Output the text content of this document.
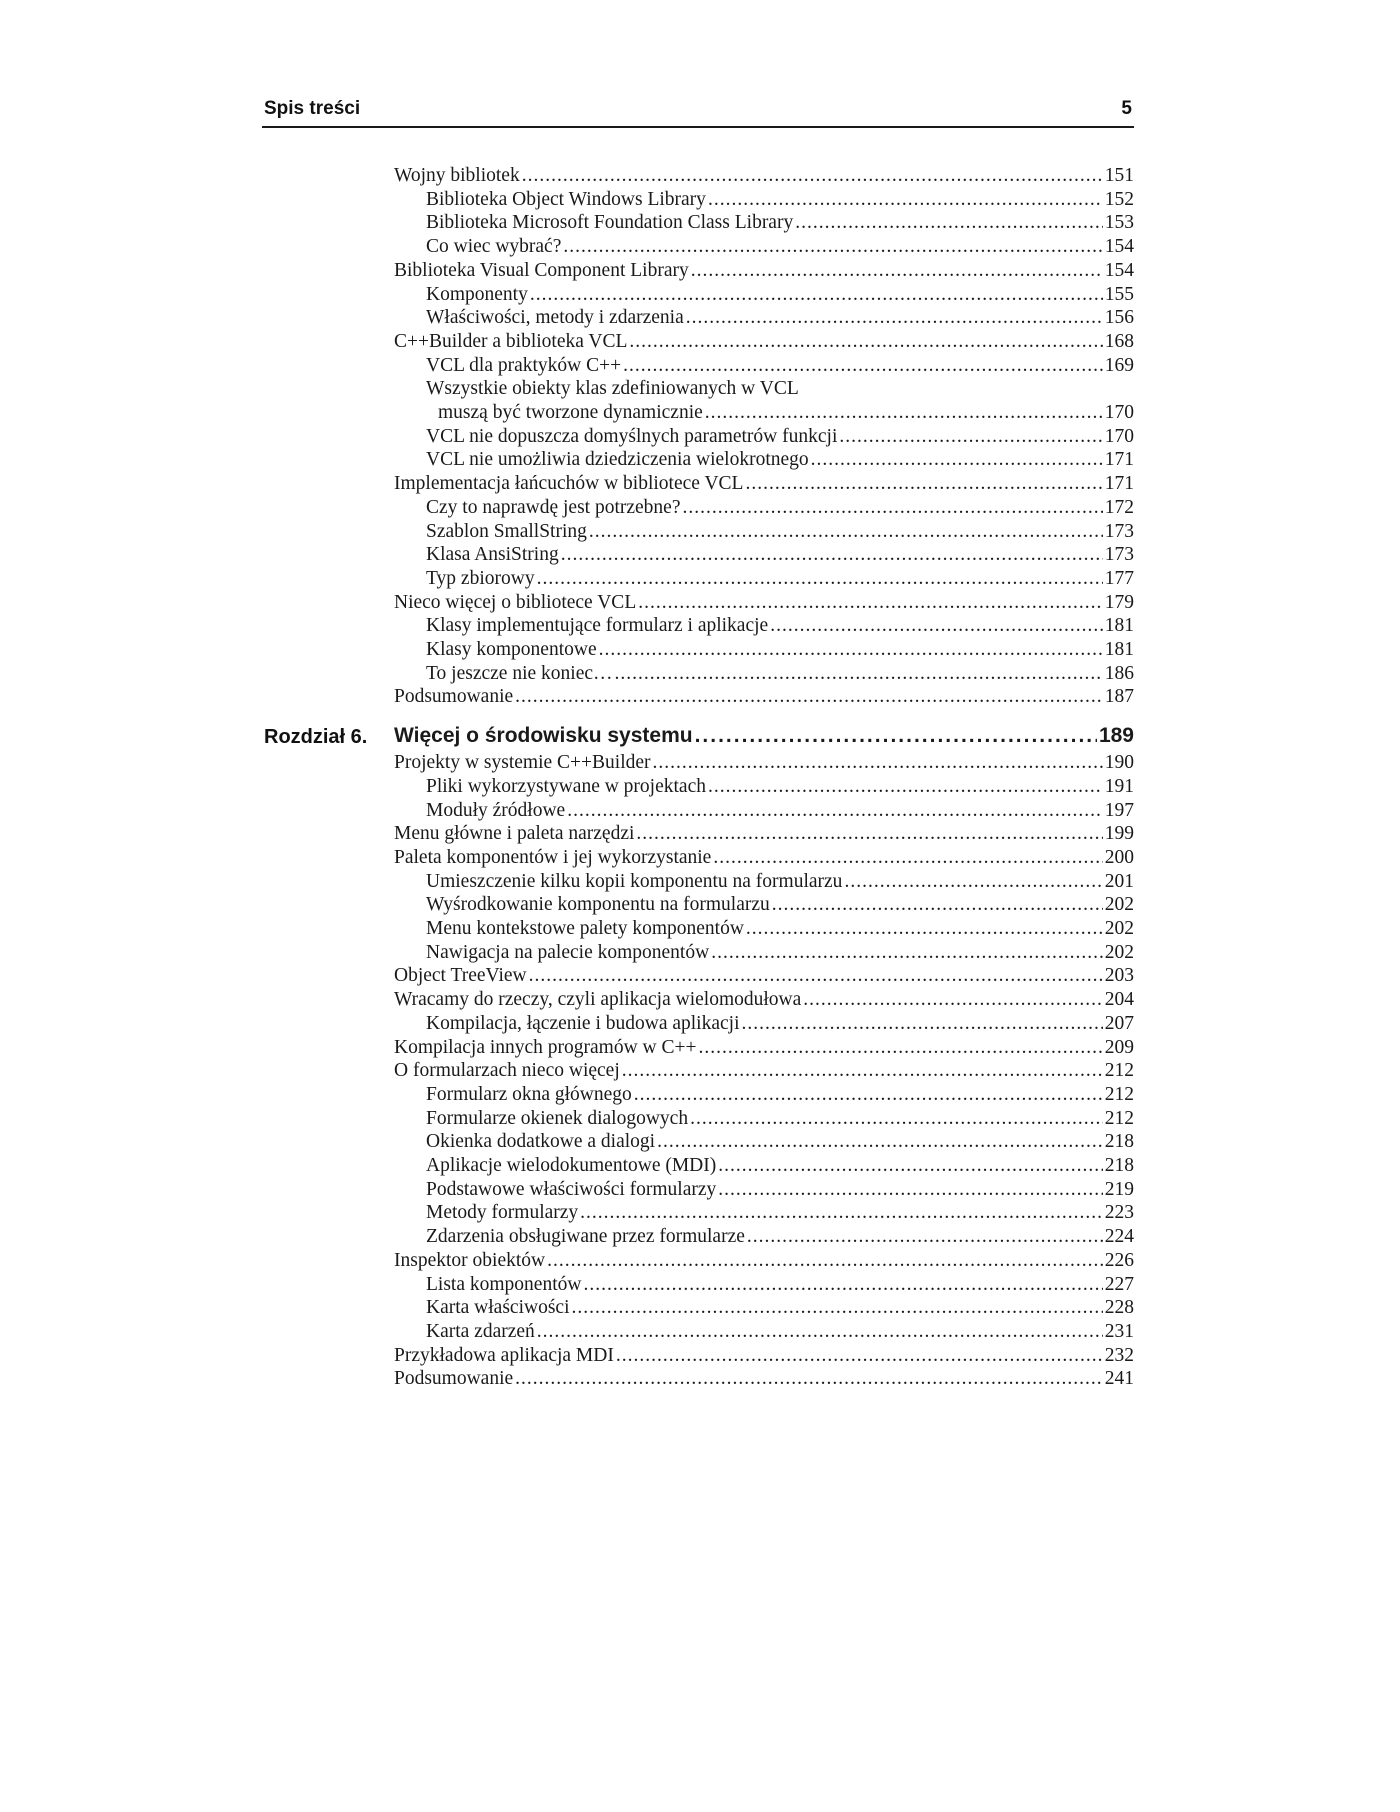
Spis treści	5
Wojny bibliotek .....	151
Biblioteka Object Windows Library .....	152
Biblioteka Microsoft Foundation Class Library .....	153
Co wiec wybrać? .....	154
Biblioteka Visual Component Library .....	154
Komponenty .....	155
Właściwości, metody i zdarzenia .....	156
C++Builder a biblioteka VCL .....	168
VCL dla praktyków C++ .....	169
Wszystkie obiekty klas zdefiniowanych w VCL
muszą być tworzone dynamicznie .....	170
VCL nie dopuszcza domyślnych parametrów funkcji .....	170
VCL nie umożliwia dziedziczenia wielokrotnego .....	171
Implementacja łańcuchów w bibliotece VCL .....	171
Czy to naprawdę jest potrzebne? .....	172
Szablon SmallString .....	173
Klasa AnsiString .....	173
Typ zbiorowy .....	177
Nieco więcej o bibliotece VCL .....	179
Klasy implementujące formularz i aplikacje .....	181
Klasy komponentowe .....	181
To jeszcze nie koniec… .....	186
Podsumowanie .....	187
Rozdział 6. Więcej o środowisku systemu .....	189
Projekty w systemie C++Builder .....	190
Pliki wykorzystywane w projektach .....	191
Moduły źródłowe .....	197
Menu główne i paleta narzędzi .....	199
Paleta komponentów i jej wykorzystanie .....	200
Umieszczenie kilku kopii komponentu na formularzu .....	201
Wyśrodkowanie komponentu na formularzu .....	202
Menu kontekstowe palety komponentów .....	202
Nawigacja na palecie komponentów .....	202
Object TreeView .....	203
Wracamy do rzeczy, czyli aplikacja wielomodułowa .....	204
Kompilacja, łączenie i budowa aplikacji .....	207
Kompilacja innych programów w C++ .....	209
O formularzach nieco więcej .....	212
Formularz okna głównego .....	212
Formularze okienek dialogowych .....	212
Okienka dodatkowe a dialogi .....	218
Aplikacje wielodokumentowe (MDI) .....	218
Podstawowe właściwości formularzy .....	219
Metody formularzy .....	223
Zdarzenia obsługiwane przez formularze .....	224
Inspektor obiektów .....	226
Lista komponentów .....	227
Karta właściwości .....	228
Karta zdarzeń .....	231
Przykładowa aplikacja MDI .....	232
Podsumowanie .....	241
